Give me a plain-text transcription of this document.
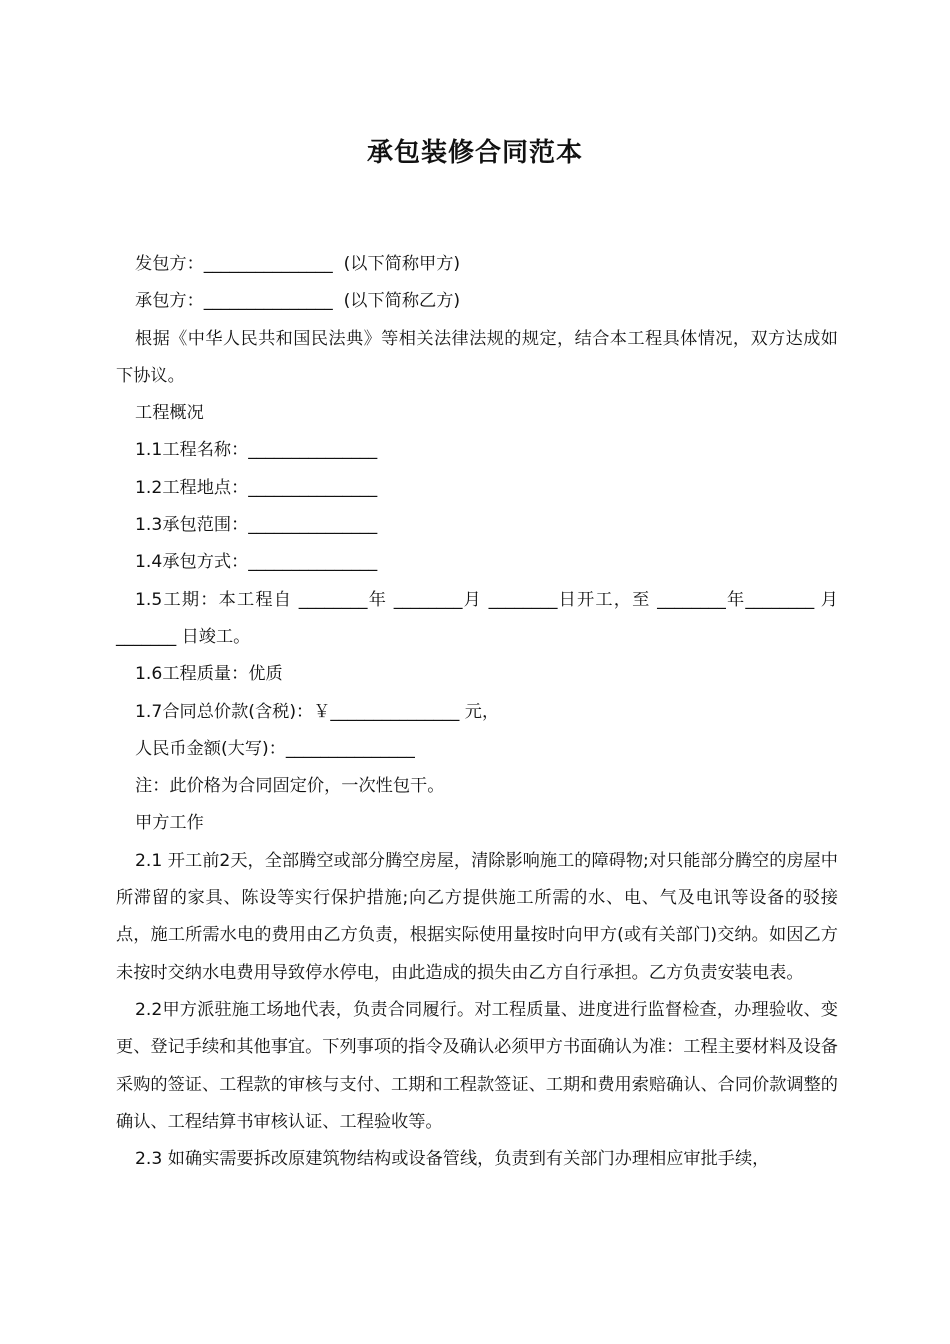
承包装修合同范本

发包方：_______________  (以下简称甲方)

承包方：_______________  (以下简称乙方)

根据《中华人民共和国民法典》等相关法律法规的规定，结合本工程具体情况，双方达成如下协议。

工程概况

1.1工程名称：_______________

1.2工程地点：_______________

1.3承包范围：_______________

1.4承包方式：_______________

1.5工期：本工程自 ________年 ________月 ________日开工，至 ________年________ 月_______ 日竣工。

1.6工程质量：优质

1.7合同总价款(含税)：￥_______________ 元，

人民币金额(大写)：_______________

注：此价格为合同固定价，一次性包干。

甲方工作

2.1 开工前2天，全部腾空或部分腾空房屋，清除影响施工的障碍物;对只能部分腾空的房屋中所滞留的家具、陈设等实行保护措施;向乙方提供施工所需的水、电、气及电讯等设备的驳接点，施工所需水电的费用由乙方负责，根据实际使用量按时向甲方(或有关部门)交纳。如因乙方未按时交纳水电费用导致停水停电，由此造成的损失由乙方自行承担。乙方负责安装电表。

2.2甲方派驻施工场地代表，负责合同履行。对工程质量、进度进行监督检查，办理验收、变更、登记手续和其他事宜。下列事项的指令及确认必须甲方书面确认为准：工程主要材料及设备采购的签证、工程款的审核与支付、工期和工程款签证、工期和费用索赔确认、合同价款调整的确认、工程结算书审核认证、工程验收等。

2.3 如确实需要拆改原建筑物结构或设备管线，负责到有关部门办理相应审批手续，
